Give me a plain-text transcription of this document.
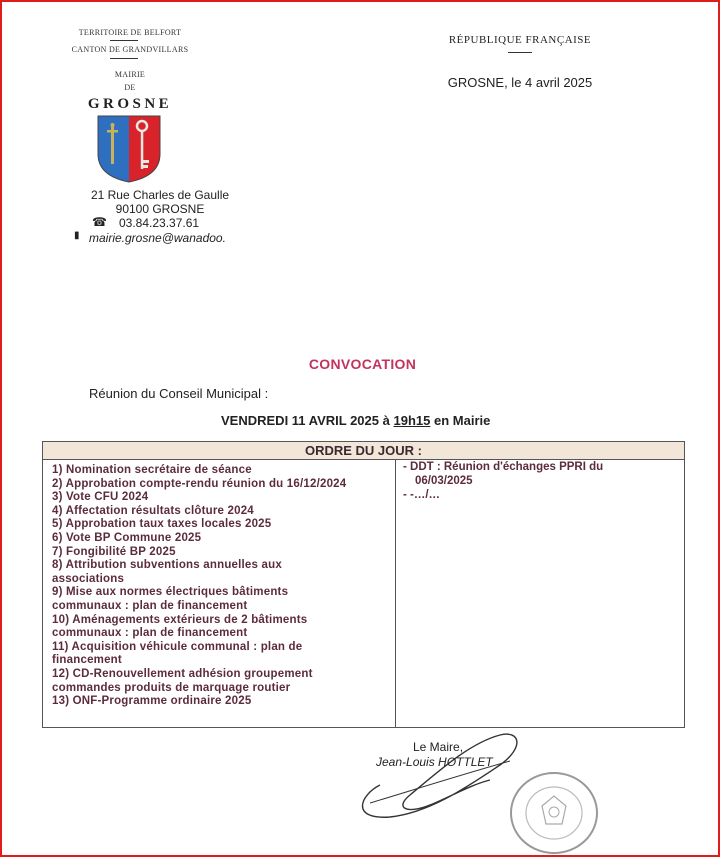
TERRITOIRE DE BELFORT
CANTON DE GRANDVILLARS
MAIRIE
DE
GROSNE
21 Rue Charles de Gaulle
90100 GROSNE
☎ 03.84.23.37.61
▮ mairie.grosne@wanadoo.
RÉPUBLIQUE FRANÇAISE
GROSNE, le 4 avril 2025
CONVOCATION
Réunion du Conseil Municipal :
VENDREDI 11 AVRIL 2025 à 19h15 en Mairie
ORDRE DU JOUR :
1) Nomination secrétaire de séance
2) Approbation compte-rendu réunion du 16/12/2024
3) Vote CFU 2024
4) Affectation résultats clôture 2024
5) Approbation taux taxes locales 2025
6) Vote BP Commune 2025
7) Fongibilité BP 2025
8) Attribution subventions annuelles aux
associations
9) Mise aux normes électriques bâtiments
communaux : plan de financement
10) Aménagements extérieurs de 2 bâtiments
communaux : plan de financement
11) Acquisition véhicule communal : plan de
financement
12) CD-Renouvellement adhésion groupement
commandes produits de marquage routier
13) ONF-Programme ordinaire 2025
- DDT : Réunion d'échanges PPRI du
06/03/2025
- -…/…
Le Maire,
Jean-Louis HOTTLET
